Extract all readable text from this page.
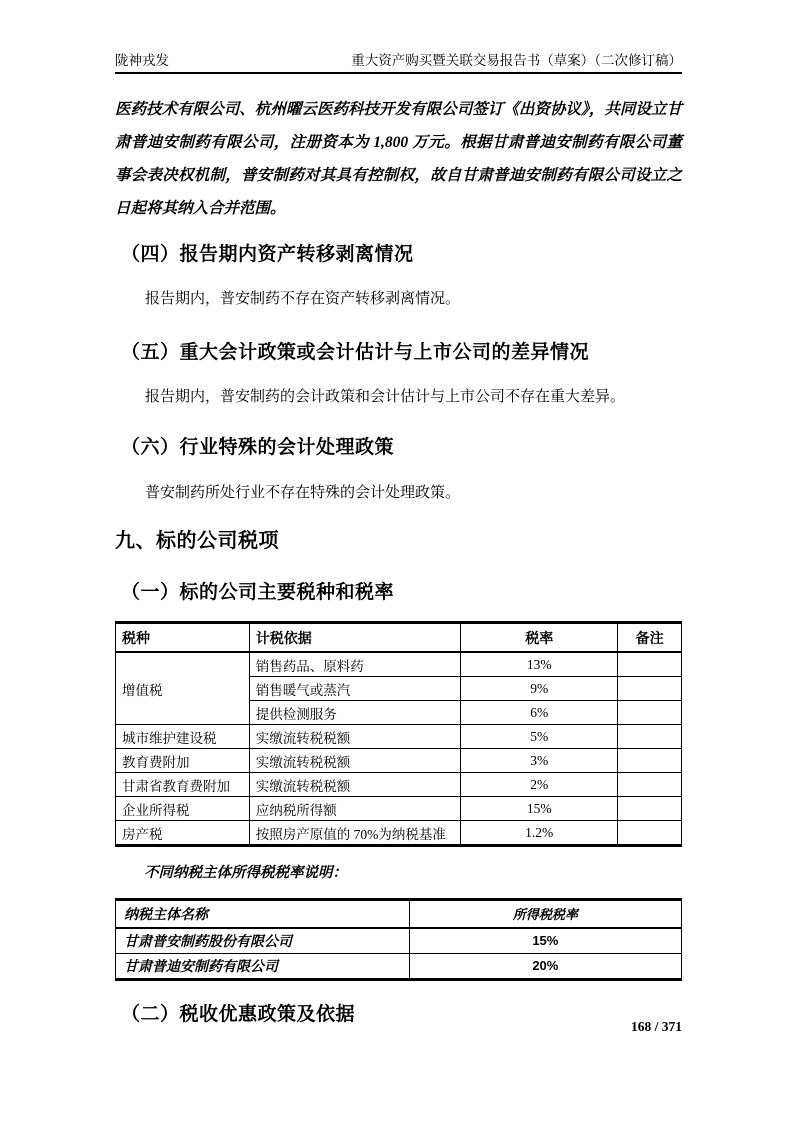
陇神戎发	重大资产购买暨关联交易报告书（草案）（二次修订稿）

医药技术有限公司、杭州曜云医药科技开发有限公司签订《出资协议》，共同设立甘肃普迪安制药有限公司，注册资本为 1,800 万元。根据甘肃普迪安制药有限公司董事会表决权机制，普安制药对其具有控制权，故自甘肃普迪安制药有限公司设立之日起将其纳入合并范围。

（四）报告期内资产转移剥离情况

报告期内，普安制药不存在资产转移剥离情况。

（五）重大会计政策或会计估计与上市公司的差异情况

报告期内，普安制药的会计政策和会计估计与上市公司不存在重大差异。

（六）行业特殊的会计处理政策

普安制药所处行业不存在特殊的会计处理政策。

九、标的公司税项
（一）标的公司主要税种和税率
税种	计税依据	税率	备注
增值税	销售药品、原料药	13%	
	销售暖气或蒸汽	9%	
	提供检测服务	6%	
城市维护建设税	实缴流转税税额	5%	
教育费附加	实缴流转税税额	3%	
甘肃省教育费附加	实缴流转税税额	2%	
企业所得税	应纳税所得额	15%	
房产税	按照房产原值的 70%为纳税基准	1.2%	

不同纳税主体所得税税率说明：

纳税主体名称	所得税税率
甘肃普安制药股份有限公司	15%
甘肃普迪安制药有限公司	20%
（二）税收优惠政策及依据
168 / 371
